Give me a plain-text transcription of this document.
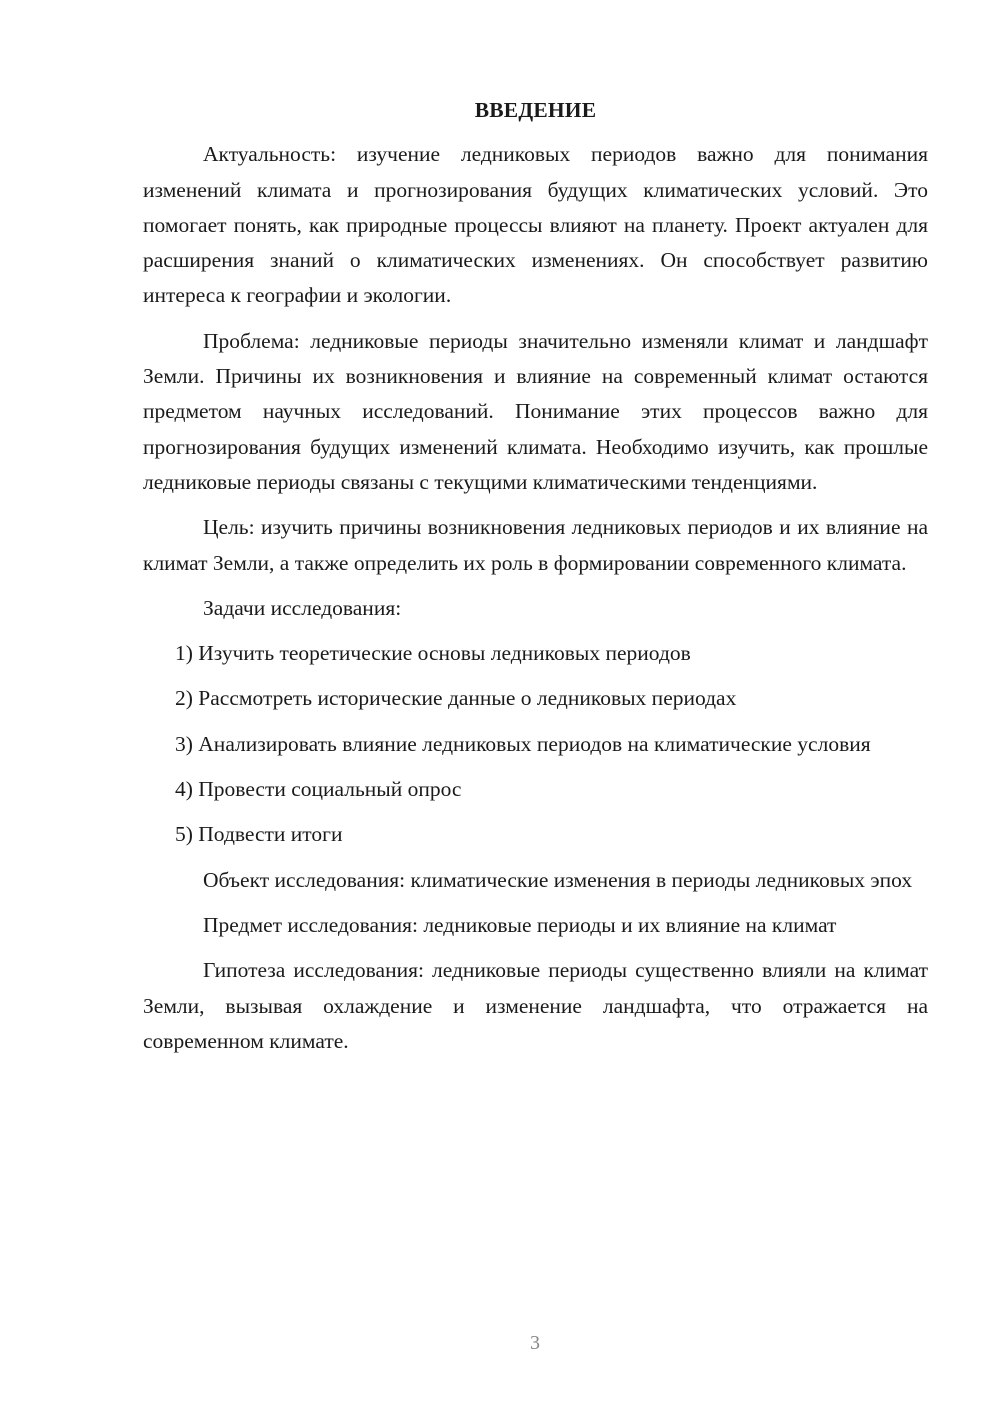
ВВЕДЕНИЕ

Актуальность: изучение ледниковых периодов важно для понимания изменений климата и прогнозирования будущих климатических условий. Это помогает понять, как природные процессы влияют на планету. Проект актуален для расширения знаний о климатических изменениях. Он способствует развитию интереса к географии и экологии.

Проблема: ледниковые периоды значительно изменяли климат и ландшафт Земли. Причины их возникновения и влияние на современный климат остаются предметом научных исследований. Понимание этих процессов важно для прогнозирования будущих изменений климата. Необходимо изучить, как прошлые ледниковые периоды связаны с текущими климатическими тенденциями.

Цель: изучить причины возникновения ледниковых периодов и их влияние на климат Земли, а также определить их роль в формировании современного климата.

Задачи исследования:

1) Изучить теоретические основы ледниковых периодов

2) Рассмотреть исторические данные о ледниковых периодах

3) Анализировать влияние ледниковых периодов на климатические условия

4) Провести социальный опрос

5) Подвести итоги

Объект исследования: климатические изменения в периоды ледниковых эпох

Предмет исследования: ледниковые периоды и их влияние на климат

Гипотеза исследования: ледниковые периоды существенно влияли на климат Земли, вызывая охлаждение и изменение ландшафта, что отражается на современном климате.

3
